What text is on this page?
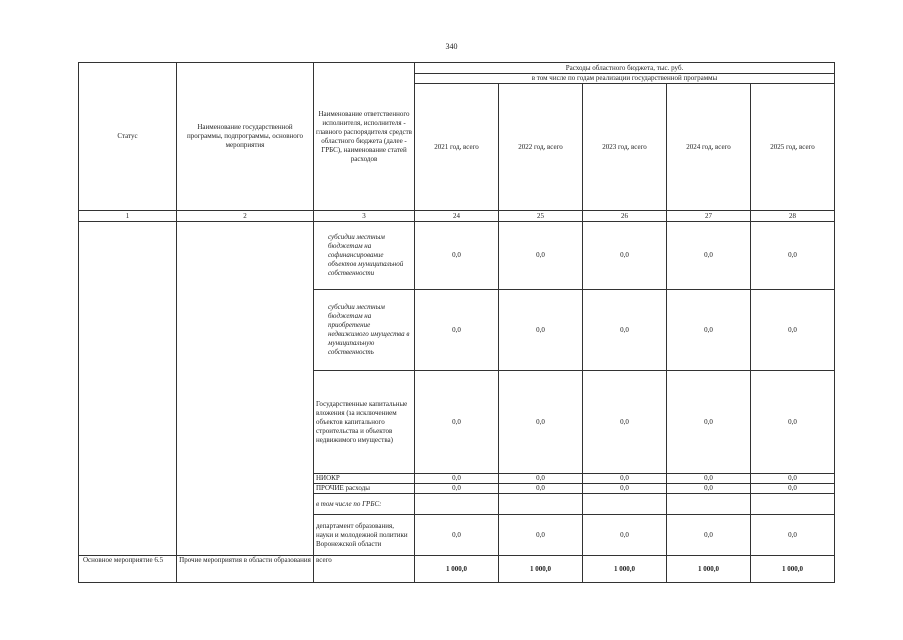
340
Статус	Наименование государственной программы, подпрограммы, основного мероприятия	Наименование ответственного исполнителя, исполнителя - главного распорядителя средств областного бюджета (далее - ГРБС), наименование статей расходов	Расходы областного бюджета, тыс. руб.				
			в том числе по годам реализации государственной программы				
			2021 год, всего	2022 год, всего	2023 год, всего	2024 год, всего	2025 год, всего
1	2	3	24	25	26	27	28
		субсидии местным бюджетам на софинансирование объектов муниципальной собственности	0,0	0,0	0,0	0,0	0,0
		субсидии местным бюджетам на приобретение недвижимого имущества в муниципальную собственность	0,0	0,0	0,0	0,0	0,0
		Государственные капитальные вложения (за исключением объектов капитального строительства и объектов недвижимого имущества)	0,0	0,0	0,0	0,0	0,0
		НИОКР	0,0	0,0	0,0	0,0	0,0
		ПРОЧИЕ расходы	0,0	0,0	0,0	0,0	0,0
		в том числе по ГРБС:					
		департамент образования, науки и молодежной политики Воронежской области	0,0	0,0	0,0	0,0	0,0
Основное мероприятие 6.5	Прочие мероприятия в области образования	всего	1 000,0	1 000,0	1 000,0	1 000,0	1 000,0
